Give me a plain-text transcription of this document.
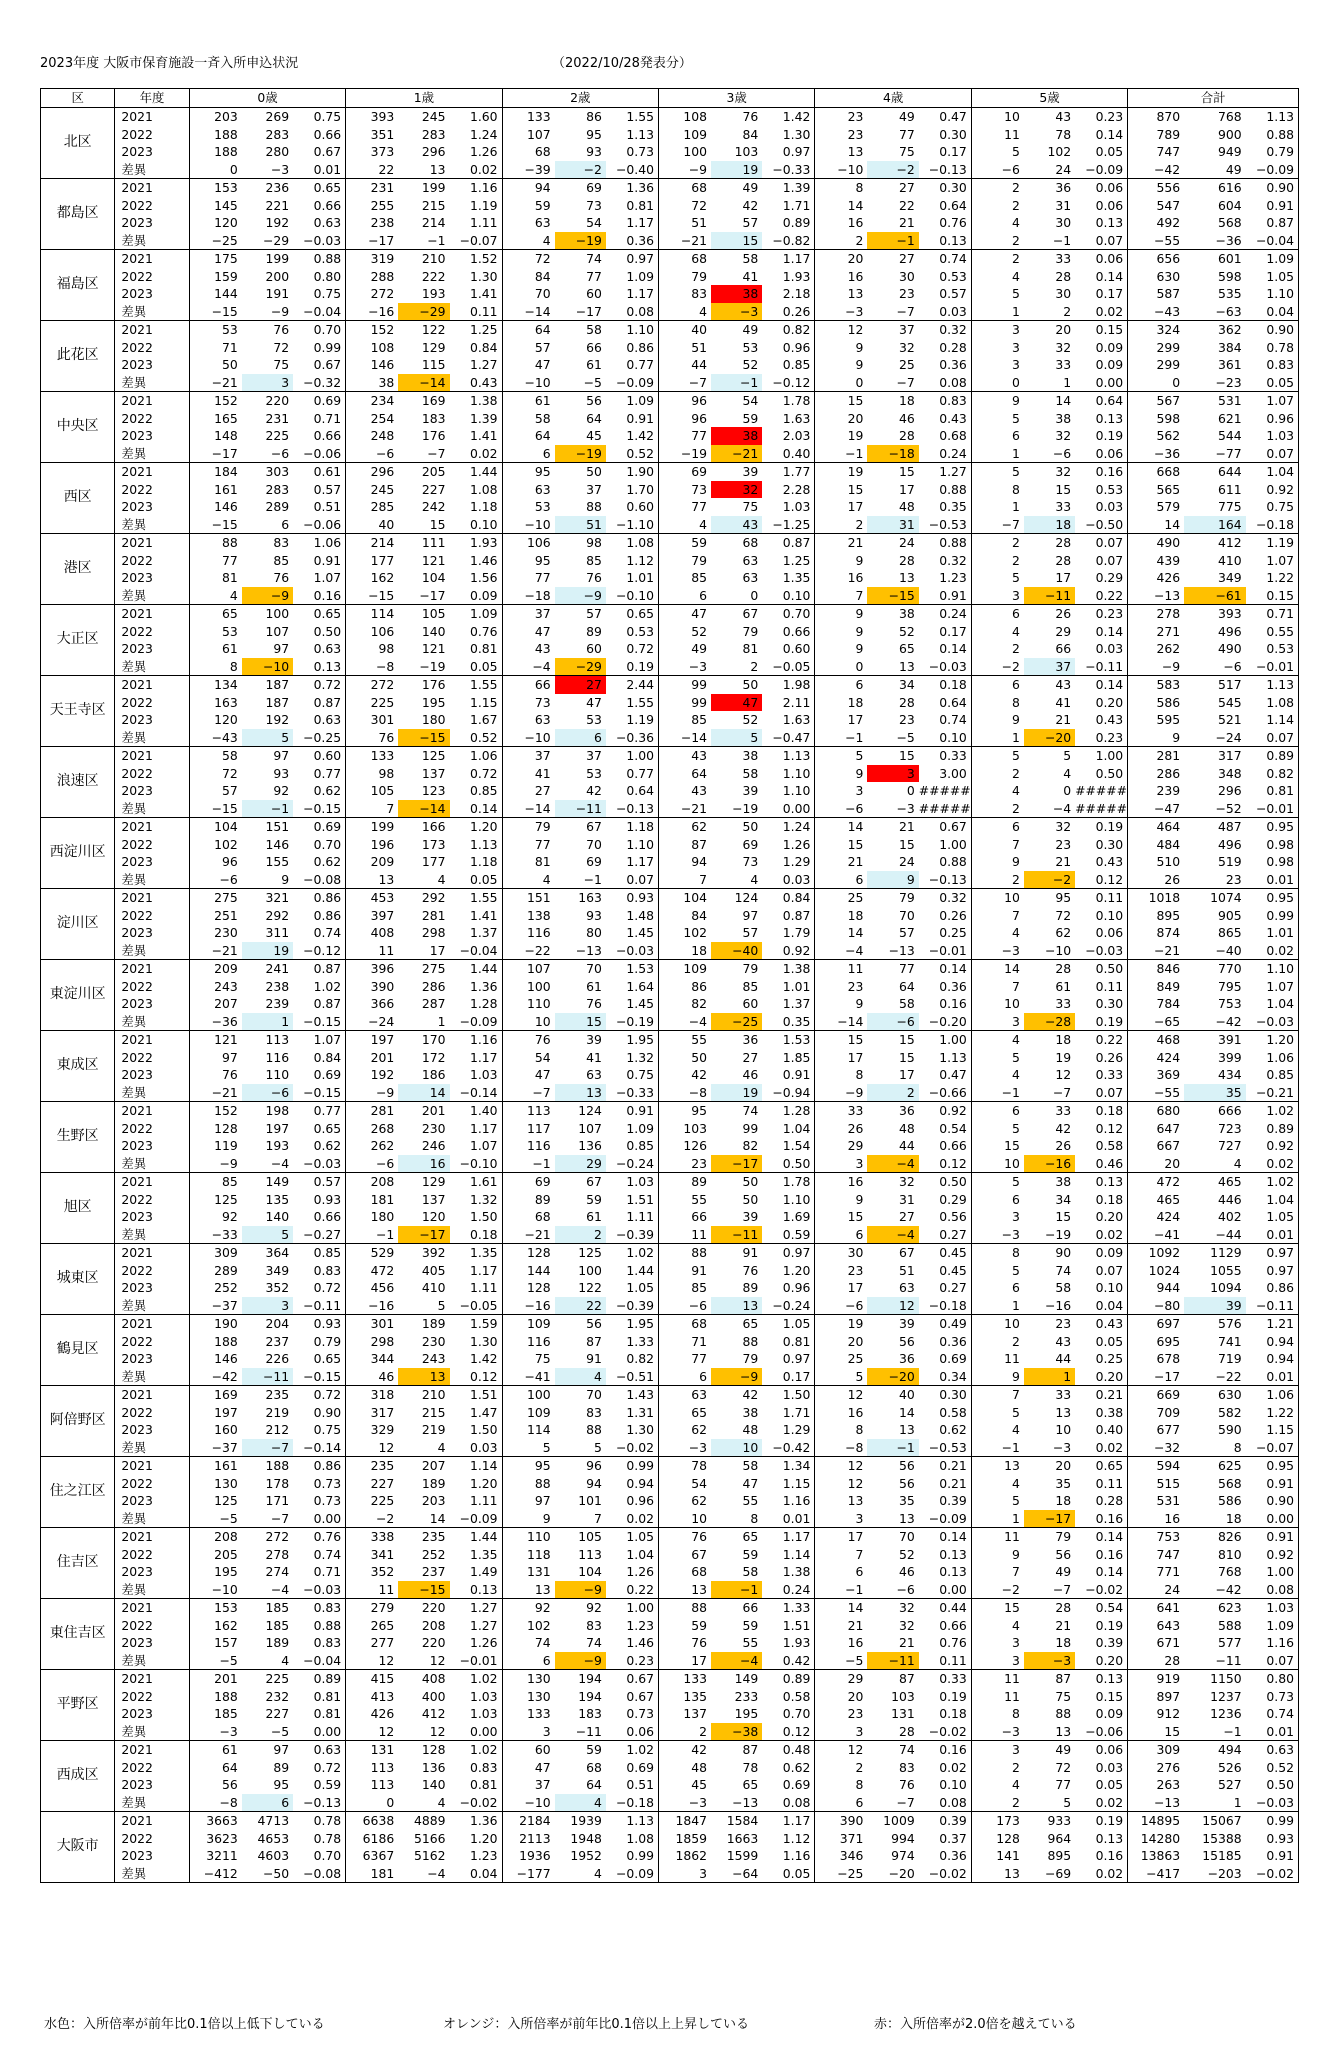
2023年度 大阪市保育施設一斉入所申込状況	（2022/10/28発表分）
区	年度	0歳			1歳			2歳			3歳			4歳			5歳			合計		
北区	2021	203	269	0.75	393	245	1.60	133	86	1.55	108	76	1.42	23	49	0.47	10	43	0.23	870	768	1.13
	2022	188	283	0.66	351	283	1.24	107	95	1.13	109	84	1.30	23	77	0.30	11	78	0.14	789	900	0.88
	2023	188	280	0.67	373	296	1.26	68	93	0.73	100	103	0.97	13	75	0.17	5	102	0.05	747	949	0.79
	差異	0	−3	0.01	22	13	0.02	−39	−2	−0.40	−9	19	−0.33	−10	−2	−0.13	−6	24	−0.09	−42	49	−0.09
都島区	2021	153	236	0.65	231	199	1.16	94	69	1.36	68	49	1.39	8	27	0.30	2	36	0.06	556	616	0.90
	2022	145	221	0.66	255	215	1.19	59	73	0.81	72	42	1.71	14	22	0.64	2	31	0.06	547	604	0.91
	2023	120	192	0.63	238	214	1.11	63	54	1.17	51	57	0.89	16	21	0.76	4	30	0.13	492	568	0.87
	差異	−25	−29	−0.03	−17	−1	−0.07	4	−19	0.36	−21	15	−0.82	2	−1	0.13	2	−1	0.07	−55	−36	−0.04
福島区	2021	175	199	0.88	319	210	1.52	72	74	0.97	68	58	1.17	20	27	0.74	2	33	0.06	656	601	1.09
	2022	159	200	0.80	288	222	1.30	84	77	1.09	79	41	1.93	16	30	0.53	4	28	0.14	630	598	1.05
	2023	144	191	0.75	272	193	1.41	70	60	1.17	83	38	2.18	13	23	0.57	5	30	0.17	587	535	1.10
	差異	−15	−9	−0.04	−16	−29	0.11	−14	−17	0.08	4	−3	0.26	−3	−7	0.03	1	2	0.02	−43	−63	0.04
此花区	2021	53	76	0.70	152	122	1.25	64	58	1.10	40	49	0.82	12	37	0.32	3	20	0.15	324	362	0.90
	2022	71	72	0.99	108	129	0.84	57	66	0.86	51	53	0.96	9	32	0.28	3	32	0.09	299	384	0.78
	2023	50	75	0.67	146	115	1.27	47	61	0.77	44	52	0.85	9	25	0.36	3	33	0.09	299	361	0.83
	差異	−21	3	−0.32	38	−14	0.43	−10	−5	−0.09	−7	−1	−0.12	0	−7	0.08	0	1	0.00	0	−23	0.05
中央区	2021	152	220	0.69	234	169	1.38	61	56	1.09	96	54	1.78	15	18	0.83	9	14	0.64	567	531	1.07
	2022	165	231	0.71	254	183	1.39	58	64	0.91	96	59	1.63	20	46	0.43	5	38	0.13	598	621	0.96
	2023	148	225	0.66	248	176	1.41	64	45	1.42	77	38	2.03	19	28	0.68	6	32	0.19	562	544	1.03
	差異	−17	−6	−0.06	−6	−7	0.02	6	−19	0.52	−19	−21	0.40	−1	−18	0.24	1	−6	0.06	−36	−77	0.07
西区	2021	184	303	0.61	296	205	1.44	95	50	1.90	69	39	1.77	19	15	1.27	5	32	0.16	668	644	1.04
	2022	161	283	0.57	245	227	1.08	63	37	1.70	73	32	2.28	15	17	0.88	8	15	0.53	565	611	0.92
	2023	146	289	0.51	285	242	1.18	53	88	0.60	77	75	1.03	17	48	0.35	1	33	0.03	579	775	0.75
	差異	−15	6	−0.06	40	15	0.10	−10	51	−1.10	4	43	−1.25	2	31	−0.53	−7	18	−0.50	14	164	−0.18
港区	2021	88	83	1.06	214	111	1.93	106	98	1.08	59	68	0.87	21	24	0.88	2	28	0.07	490	412	1.19
	2022	77	85	0.91	177	121	1.46	95	85	1.12	79	63	1.25	9	28	0.32	2	28	0.07	439	410	1.07
	2023	81	76	1.07	162	104	1.56	77	76	1.01	85	63	1.35	16	13	1.23	5	17	0.29	426	349	1.22
	差異	4	−9	0.16	−15	−17	0.09	−18	−9	−0.10	6	0	0.10	7	−15	0.91	3	−11	0.22	−13	−61	0.15
大正区	2021	65	100	0.65	114	105	1.09	37	57	0.65	47	67	0.70	9	38	0.24	6	26	0.23	278	393	0.71
	2022	53	107	0.50	106	140	0.76	47	89	0.53	52	79	0.66	9	52	0.17	4	29	0.14	271	496	0.55
	2023	61	97	0.63	98	121	0.81	43	60	0.72	49	81	0.60	9	65	0.14	2	66	0.03	262	490	0.53
	差異	8	−10	0.13	−8	−19	0.05	−4	−29	0.19	−3	2	−0.05	0	13	−0.03	−2	37	−0.11	−9	−6	−0.01
天王寺区	2021	134	187	0.72	272	176	1.55	66	27	2.44	99	50	1.98	6	34	0.18	6	43	0.14	583	517	1.13
	2022	163	187	0.87	225	195	1.15	73	47	1.55	99	47	2.11	18	28	0.64	8	41	0.20	586	545	1.08
	2023	120	192	0.63	301	180	1.67	63	53	1.19	85	52	1.63	17	23	0.74	9	21	0.43	595	521	1.14
	差異	−43	5	−0.25	76	−15	0.52	−10	6	−0.36	−14	5	−0.47	−1	−5	0.10	1	−20	0.23	9	−24	0.07
浪速区	2021	58	97	0.60	133	125	1.06	37	37	1.00	43	38	1.13	5	15	0.33	5	5	1.00	281	317	0.89
	2022	72	93	0.77	98	137	0.72	41	53	0.77	64	58	1.10	9	3	3.00	2	4	0.50	286	348	0.82
	2023	57	92	0.62	105	123	0.85	27	42	0.64	43	39	1.10	3	0	#####	4	0	#####	239	296	0.81
	差異	−15	−1	−0.15	7	−14	0.14	−14	−11	−0.13	−21	−19	0.00	−6	−3	#####	2	−4	#####	−47	−52	−0.01
西淀川区	2021	104	151	0.69	199	166	1.20	79	67	1.18	62	50	1.24	14	21	0.67	6	32	0.19	464	487	0.95
	2022	102	146	0.70	196	173	1.13	77	70	1.10	87	69	1.26	15	15	1.00	7	23	0.30	484	496	0.98
	2023	96	155	0.62	209	177	1.18	81	69	1.17	94	73	1.29	21	24	0.88	9	21	0.43	510	519	0.98
	差異	−6	9	−0.08	13	4	0.05	4	−1	0.07	7	4	0.03	6	9	−0.13	2	−2	0.12	26	23	0.01
淀川区	2021	275	321	0.86	453	292	1.55	151	163	0.93	104	124	0.84	25	79	0.32	10	95	0.11	1018	1074	0.95
	2022	251	292	0.86	397	281	1.41	138	93	1.48	84	97	0.87	18	70	0.26	7	72	0.10	895	905	0.99
	2023	230	311	0.74	408	298	1.37	116	80	1.45	102	57	1.79	14	57	0.25	4	62	0.06	874	865	1.01
	差異	−21	19	−0.12	11	17	−0.04	−22	−13	−0.03	18	−40	0.92	−4	−13	−0.01	−3	−10	−0.03	−21	−40	0.02
東淀川区	2021	209	241	0.87	396	275	1.44	107	70	1.53	109	79	1.38	11	77	0.14	14	28	0.50	846	770	1.10
	2022	243	238	1.02	390	286	1.36	100	61	1.64	86	85	1.01	23	64	0.36	7	61	0.11	849	795	1.07
	2023	207	239	0.87	366	287	1.28	110	76	1.45	82	60	1.37	9	58	0.16	10	33	0.30	784	753	1.04
	差異	−36	1	−0.15	−24	1	−0.09	10	15	−0.19	−4	−25	0.35	−14	−6	−0.20	3	−28	0.19	−65	−42	−0.03
東成区	2021	121	113	1.07	197	170	1.16	76	39	1.95	55	36	1.53	15	15	1.00	4	18	0.22	468	391	1.20
	2022	97	116	0.84	201	172	1.17	54	41	1.32	50	27	1.85	17	15	1.13	5	19	0.26	424	399	1.06
	2023	76	110	0.69	192	186	1.03	47	63	0.75	42	46	0.91	8	17	0.47	4	12	0.33	369	434	0.85
	差異	−21	−6	−0.15	−9	14	−0.14	−7	13	−0.33	−8	19	−0.94	−9	2	−0.66	−1	−7	0.07	−55	35	−0.21
生野区	2021	152	198	0.77	281	201	1.40	113	124	0.91	95	74	1.28	33	36	0.92	6	33	0.18	680	666	1.02
	2022	128	197	0.65	268	230	1.17	117	107	1.09	103	99	1.04	26	48	0.54	5	42	0.12	647	723	0.89
	2023	119	193	0.62	262	246	1.07	116	136	0.85	126	82	1.54	29	44	0.66	15	26	0.58	667	727	0.92
	差異	−9	−4	−0.03	−6	16	−0.10	−1	29	−0.24	23	−17	0.50	3	−4	0.12	10	−16	0.46	20	4	0.02
旭区	2021	85	149	0.57	208	129	1.61	69	67	1.03	89	50	1.78	16	32	0.50	5	38	0.13	472	465	1.02
	2022	125	135	0.93	181	137	1.32	89	59	1.51	55	50	1.10	9	31	0.29	6	34	0.18	465	446	1.04
	2023	92	140	0.66	180	120	1.50	68	61	1.11	66	39	1.69	15	27	0.56	3	15	0.20	424	402	1.05
	差異	−33	5	−0.27	−1	−17	0.18	−21	2	−0.39	11	−11	0.59	6	−4	0.27	−3	−19	0.02	−41	−44	0.01
城東区	2021	309	364	0.85	529	392	1.35	128	125	1.02	88	91	0.97	30	67	0.45	8	90	0.09	1092	1129	0.97
	2022	289	349	0.83	472	405	1.17	144	100	1.44	91	76	1.20	23	51	0.45	5	74	0.07	1024	1055	0.97
	2023	252	352	0.72	456	410	1.11	128	122	1.05	85	89	0.96	17	63	0.27	6	58	0.10	944	1094	0.86
	差異	−37	3	−0.11	−16	5	−0.05	−16	22	−0.39	−6	13	−0.24	−6	12	−0.18	1	−16	0.04	−80	39	−0.11
鶴見区	2021	190	204	0.93	301	189	1.59	109	56	1.95	68	65	1.05	19	39	0.49	10	23	0.43	697	576	1.21
	2022	188	237	0.79	298	230	1.30	116	87	1.33	71	88	0.81	20	56	0.36	2	43	0.05	695	741	0.94
	2023	146	226	0.65	344	243	1.42	75	91	0.82	77	79	0.97	25	36	0.69	11	44	0.25	678	719	0.94
	差異	−42	−11	−0.15	46	13	0.12	−41	4	−0.51	6	−9	0.17	5	−20	0.34	9	1	0.20	−17	−22	0.01
阿倍野区	2021	169	235	0.72	318	210	1.51	100	70	1.43	63	42	1.50	12	40	0.30	7	33	0.21	669	630	1.06
	2022	197	219	0.90	317	215	1.47	109	83	1.31	65	38	1.71	16	14	0.58	5	13	0.38	709	582	1.22
	2023	160	212	0.75	329	219	1.50	114	88	1.30	62	48	1.29	8	13	0.62	4	10	0.40	677	590	1.15
	差異	−37	−7	−0.14	12	4	0.03	5	5	−0.02	−3	10	−0.42	−8	−1	−0.53	−1	−3	0.02	−32	8	−0.07
住之江区	2021	161	188	0.86	235	207	1.14	95	96	0.99	78	58	1.34	12	56	0.21	13	20	0.65	594	625	0.95
	2022	130	178	0.73	227	189	1.20	88	94	0.94	54	47	1.15	12	56	0.21	4	35	0.11	515	568	0.91
	2023	125	171	0.73	225	203	1.11	97	101	0.96	62	55	1.16	13	35	0.39	5	18	0.28	531	586	0.90
	差異	−5	−7	0.00	−2	14	−0.09	9	7	0.02	10	8	0.01	3	13	−0.09	1	−17	0.16	16	18	0.00
住吉区	2021	208	272	0.76	338	235	1.44	110	105	1.05	76	65	1.17	17	70	0.14	11	79	0.14	753	826	0.91
	2022	205	278	0.74	341	252	1.35	118	113	1.04	67	59	1.14	7	52	0.13	9	56	0.16	747	810	0.92
	2023	195	274	0.71	352	237	1.49	131	104	1.26	68	58	1.38	6	46	0.13	7	49	0.14	771	768	1.00
	差異	−10	−4	−0.03	11	−15	0.13	13	−9	0.22	13	−1	0.24	−1	−6	0.00	−2	−7	−0.02	24	−42	0.08
東住吉区	2021	153	185	0.83	279	220	1.27	92	92	1.00	88	66	1.33	14	32	0.44	15	28	0.54	641	623	1.03
	2022	162	185	0.88	265	208	1.27	102	83	1.23	59	59	1.51	21	32	0.66	4	21	0.19	643	588	1.09
	2023	157	189	0.83	277	220	1.26	74	74	1.46	76	55	1.93	16	21	0.76	3	18	0.39	671	577	1.16
	差異	−5	4	−0.04	12	12	−0.01	6	−9	0.23	17	−4	0.42	−5	−11	0.11	3	−3	0.20	28	−11	0.07
平野区	2021	201	225	0.89	415	408	1.02	130	194	0.67	133	149	0.89	29	87	0.33	11	87	0.13	919	1150	0.80
	2022	188	232	0.81	413	400	1.03	130	194	0.67	135	233	0.58	20	103	0.19	11	75	0.15	897	1237	0.73
	2023	185	227	0.81	426	412	1.03	133	183	0.73	137	195	0.70	23	131	0.18	8	88	0.09	912	1236	0.74
	差異	−3	−5	0.00	12	12	0.00	3	−11	0.06	2	−38	0.12	3	28	−0.02	−3	13	−0.06	15	−1	0.01
西成区	2021	61	97	0.63	131	128	1.02	60	59	1.02	42	87	0.48	12	74	0.16	3	49	0.06	309	494	0.63
	2022	64	89	0.72	113	136	0.83	47	68	0.69	48	78	0.62	2	83	0.02	2	72	0.03	276	526	0.52
	2023	56	95	0.59	113	140	0.81	37	64	0.51	45	65	0.69	8	76	0.10	4	77	0.05	263	527	0.50
	差異	−8	6	−0.13	0	4	−0.02	−10	4	−0.18	−3	−13	0.08	6	−7	0.08	2	5	0.02	−13	1	−0.03
大阪市	2021	3663	4713	0.78	6638	4889	1.36	2184	1939	1.13	1847	1584	1.17	390	1009	0.39	173	933	0.19	14895	15067	0.99
	2022	3623	4653	0.78	6186	5166	1.20	2113	1948	1.08	1859	1663	1.12	371	994	0.37	128	964	0.13	14280	15388	0.93
	2023	3211	4603	0.70	6367	5162	1.23	1936	1952	0.99	1862	1599	1.16	346	974	0.36	141	895	0.16	13863	15185	0.91
	差異	−412	−50	−0.08	181	−4	0.04	−177	4	−0.09	3	−64	0.05	−25	−20	−0.02	13	−69	0.02	−417	−203	−0.02
水色：入所倍率が前年比0.1倍以上低下している	オレンジ：入所倍率が前年比0.1倍以上上昇している	赤：入所倍率が2.0倍を越えている
